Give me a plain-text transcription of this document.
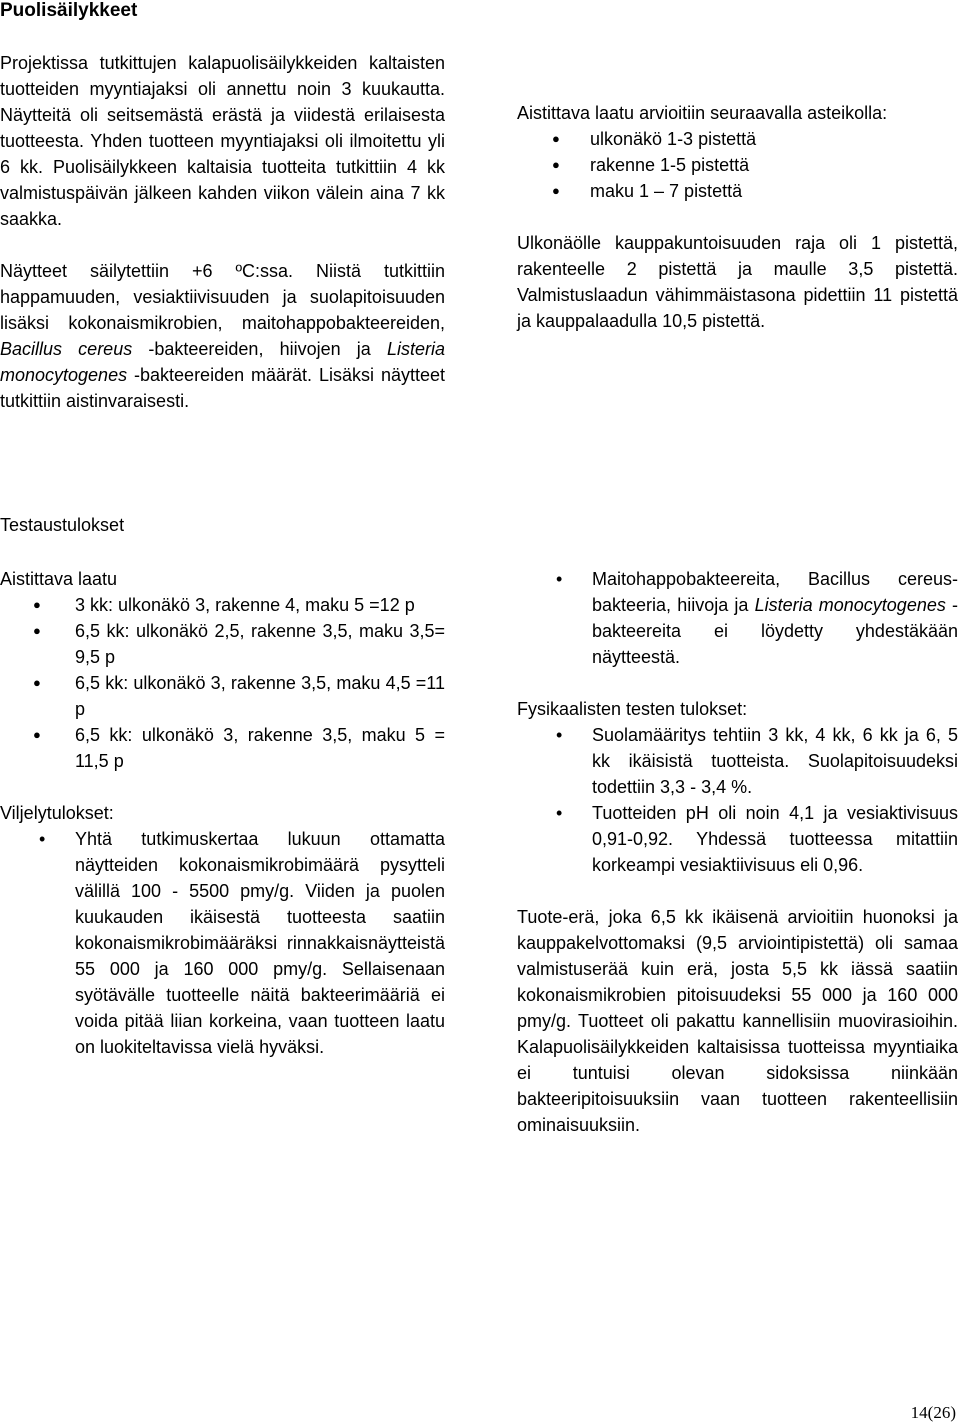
Puolisäilykkeet

Projektissa tutkittujen kalapuolisäilykkeiden kaltaisten tuotteiden myyntiajaksi oli annettu noin 3 kuukautta. Näytteitä oli seitsemästä erästä ja viidestä erilaisesta tuotteesta. Yhden tuotteen myyntiajaksi oli ilmoitettu yli 6 kk. Puolisäilykkeen kaltaisia tuotteita tutkittiin 4 kk valmistuspäivän jälkeen kahden viikon välein aina 7 kk saakka.

Näytteet säilytettiin +6 ºC:ssa. Niistä tutkittiin happamuuden, vesiaktiivisuuden ja suolapitoisuuden lisäksi kokonaismikrobien, maitohappobakteereiden, Bacillus cereus -bakteereiden, hiivojen ja Listeria monocytogenes -bakteereiden määrät. Lisäksi näytteet tutkittiin aistinvaraisesti.

Aistittava laatu arvioitiin seuraavalla asteikolla:

● ulkonäkö 1-3 pistettä
● rakenne 1-5 pistettä
● maku 1 – 7 pistettä

Ulkonäölle kauppakuntoisuuden raja oli 1 pistettä, rakenteelle 2 pistettä ja maulle 3,5 pistettä. Valmistuslaadun vähimmäistasona pidettiin 11 pistettä ja kauppalaadulla 10,5 pistettä.

Testaustulokset

Aistittava laatu

● 3 kk: ulkonäkö 3, rakenne 4, maku 5 =12 p
● 6,5 kk: ulkonäkö 2,5, rakenne 3,5, maku 3,5= 9,5 p
● 6,5 kk: ulkonäkö 3, rakenne 3,5, maku 4,5 =11 p
● 6,5 kk: ulkonäkö 3, rakenne 3,5, maku 5 = 11,5 p

Viljelytulokset:

• Yhtä tutkimuskertaa lukuun ottamatta näytteiden kokonaismikrobimäärä pysytteli välillä 100 - 5500 pmy/g. Viiden ja puolen kuukauden ikäisestä tuotteesta saatiin kokonaismikrobimääräksi rinnakkaisnäytteistä 55 000 ja 160 000 pmy/g. Sellaisenaan syötävälle tuotteelle näitä bakteerimääriä ei voida pitää liian korkeina, vaan tuotteen laatu on luokiteltavissa vielä hyväksi.
• Maitohappobakteereita, Bacillus cereus-bakteeria, hiivoja ja Listeria monocytogenes -bakteereita ei löydetty yhdestäkään näytteestä.

Fysikaalisten testen tulokset:

• Suolamääritys tehtiin 3 kk, 4 kk, 6 kk ja 6, 5 kk ikäisistä tuotteista. Suolapitoisuudeksi todettiin 3,3 - 3,4 %.
• Tuotteiden pH oli noin 4,1 ja vesiaktivisuus 0,91-0,92. Yhdessä tuotteessa mitattiin korkeampi vesiaktiivisuus eli 0,96.

Tuote-erä, joka 6,5 kk ikäisenä arvioitiin huonoksi ja kauppakelvottomaksi (9,5 arviointipistettä) oli samaa valmistuserää kuin erä, josta 5,5 kk iässä saatiin kokonaismikrobien pitoisuudeksi 55 000 ja 160 000 pmy/g. Tuotteet oli pakattu kannellisiin muovirasioihin. Kalapuolisäilykkeiden kaltaisissa tuotteissa myyntiaika ei tuntuisi olevan sidoksissa niinkään bakteeripitoisuuksiin vaan tuotteen rakenteellisiin ominaisuuksiin.

14(26)
